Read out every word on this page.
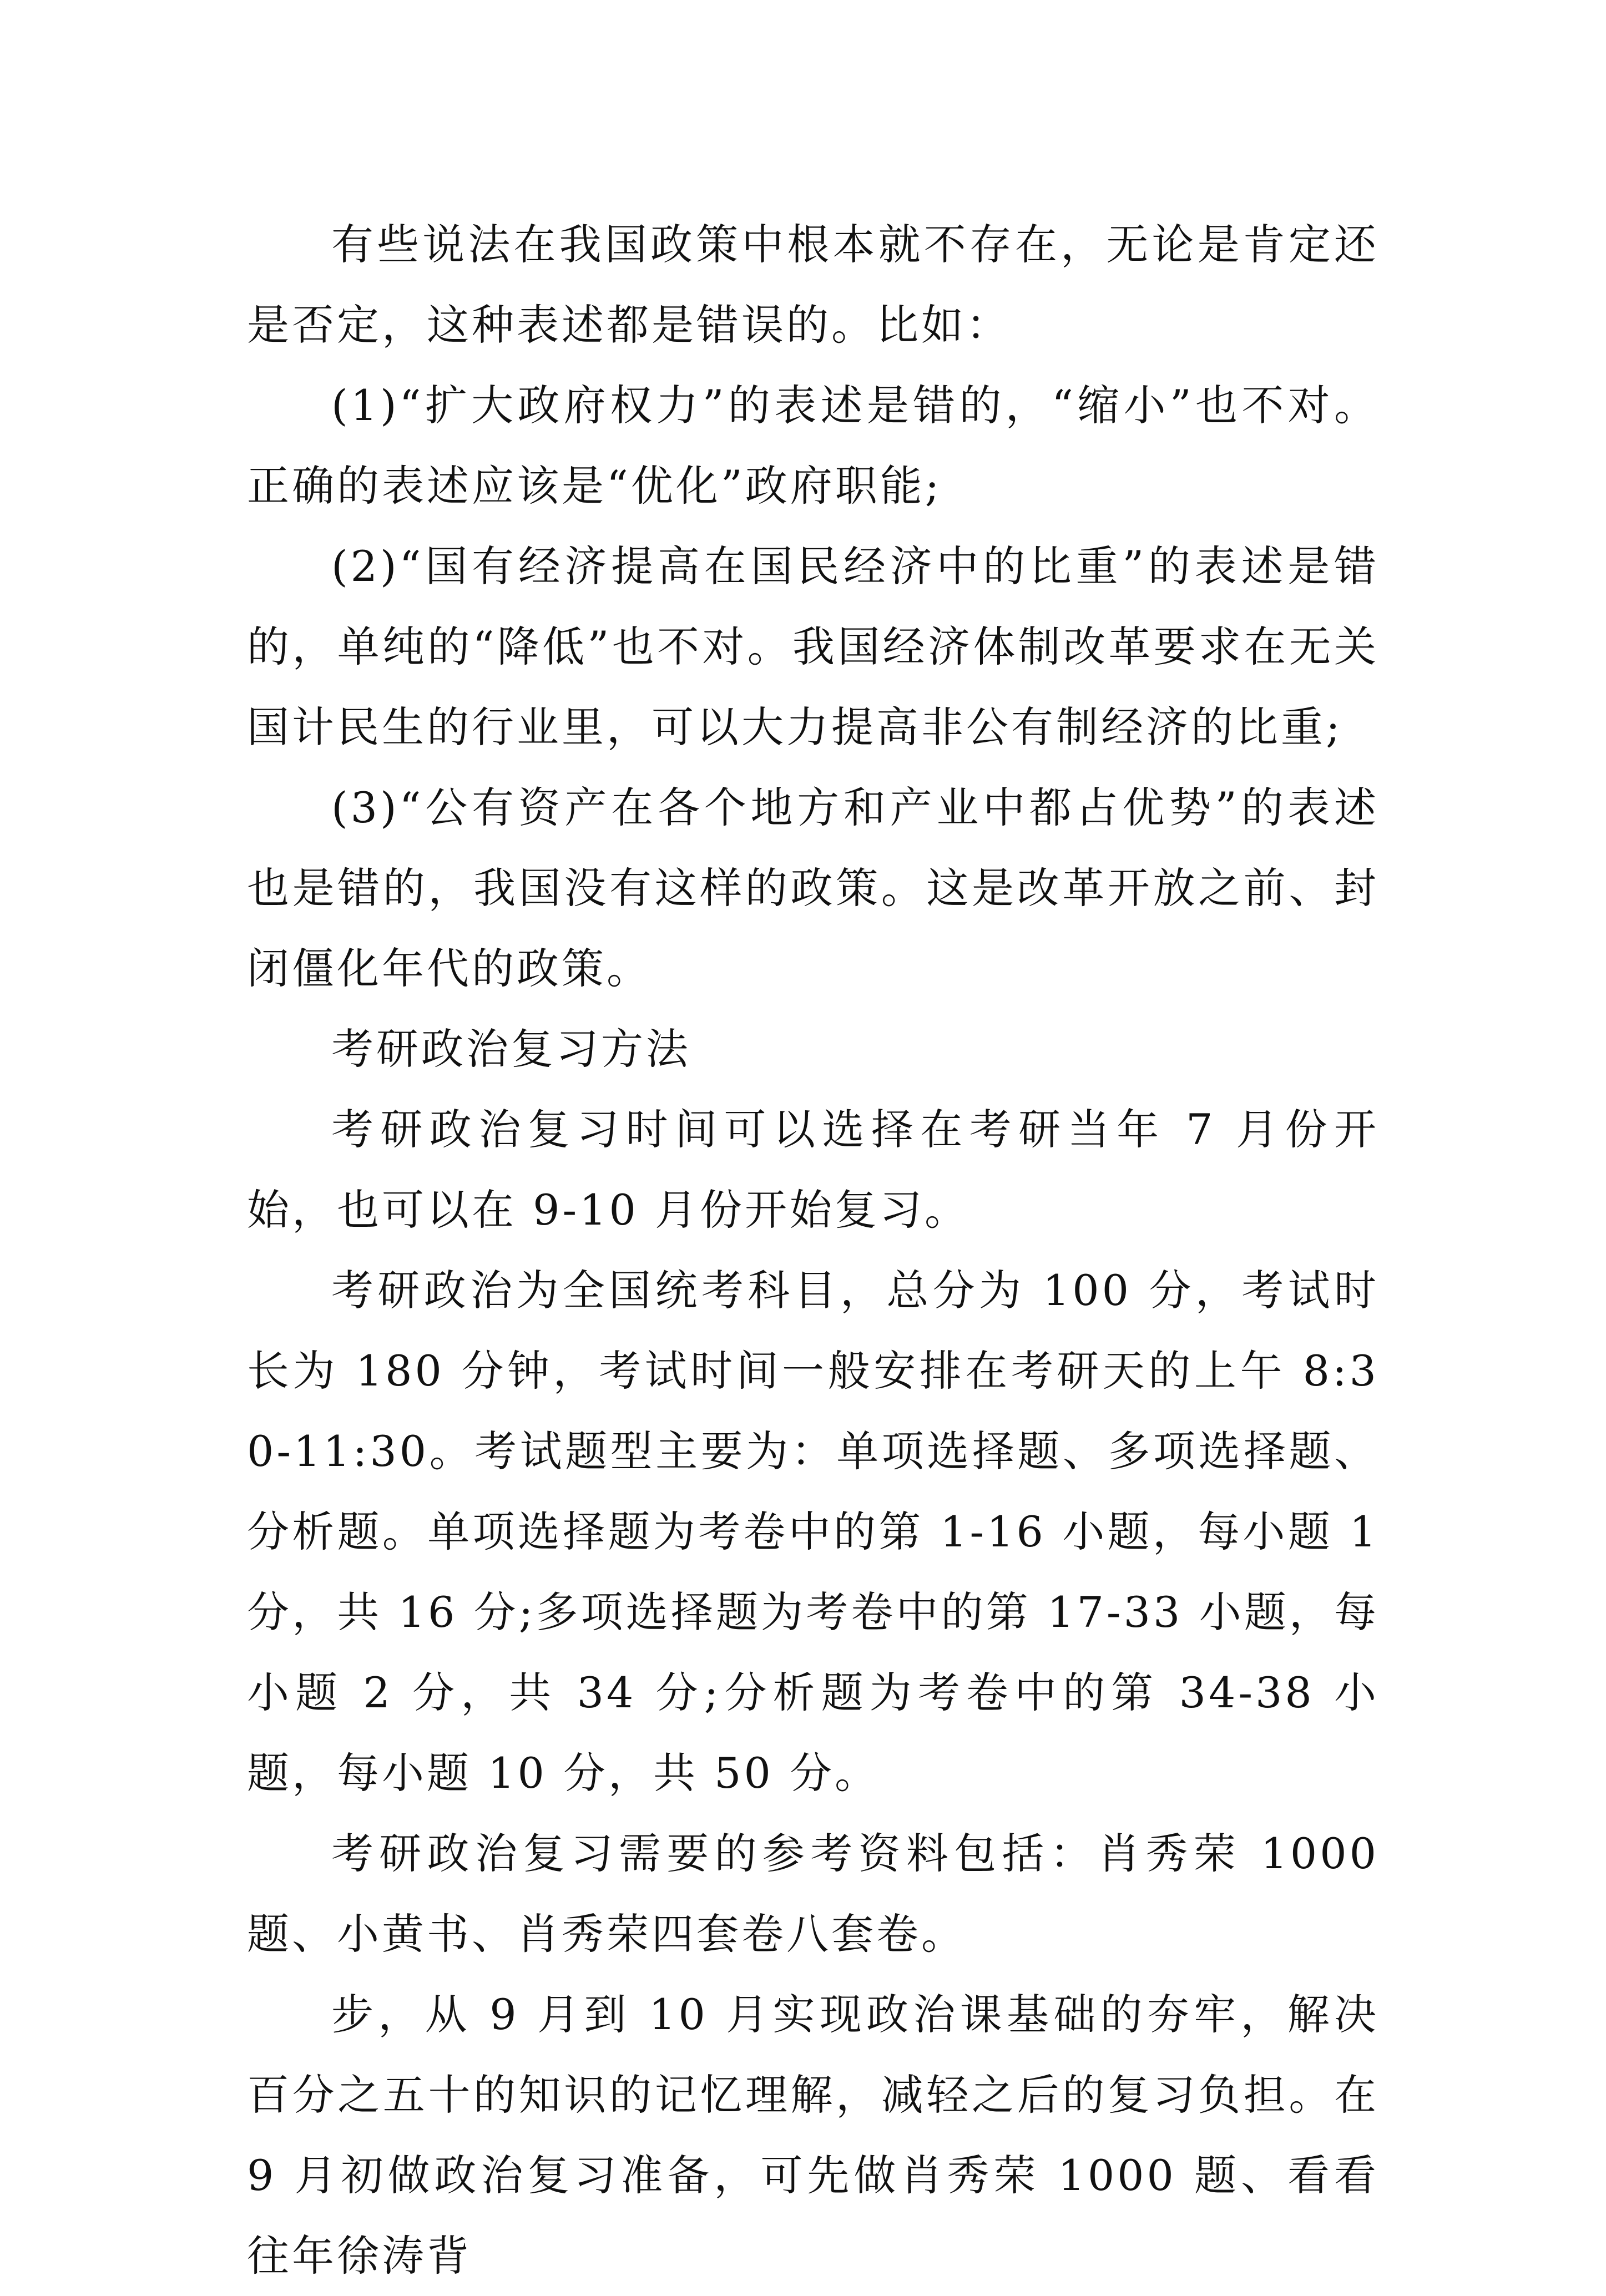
有些说法在我国政策中根本就不存在，无论是肯定还是否定，这种表述都是错误的。比如：

(1)“扩大政府权力”的表述是错的，“缩小”也不对。正确的表述应该是“优化”政府职能;

(2)“国有经济提高在国民经济中的比重”的表述是错的，单纯的“降低”也不对。我国经济体制改革要求在无关国计民生的行业里，可以大力提高非公有制经济的比重;

(3)“公有资产在各个地方和产业中都占优势”的表述也是错的，我国没有这样的政策。这是改革开放之前、封闭僵化年代的政策。

考研政治复习方法

考研政治复习时间可以选择在考研当年 7 月份开始，也可以在 9-10 月份开始复习。

考研政治为全国统考科目，总分为 100 分，考试时长为 180 分钟，考试时间一般安排在考研天的上午 8:30-11:30。考试题型主要为：单项选择题、多项选择题、分析题。单项选择题为考卷中的第 1-16 小题，每小题 1 分，共 16 分;多项选择题为考卷中的第 17-33 小题，每小题 2 分，共 34 分;分析题为考卷中的第 34-38 小题，每小题 10 分，共 50 分。

考研政治复习需要的参考资料包括：肖秀荣 1000 题、小黄书、肖秀荣四套卷八套卷。

步，从 9 月到 10 月实现政治课基础的夯牢，解决百分之五十的知识的记忆理解，减轻之后的复习负担。在 9 月初做政治复习准备，可先做肖秀荣 1000 题、看看往年徐涛背
